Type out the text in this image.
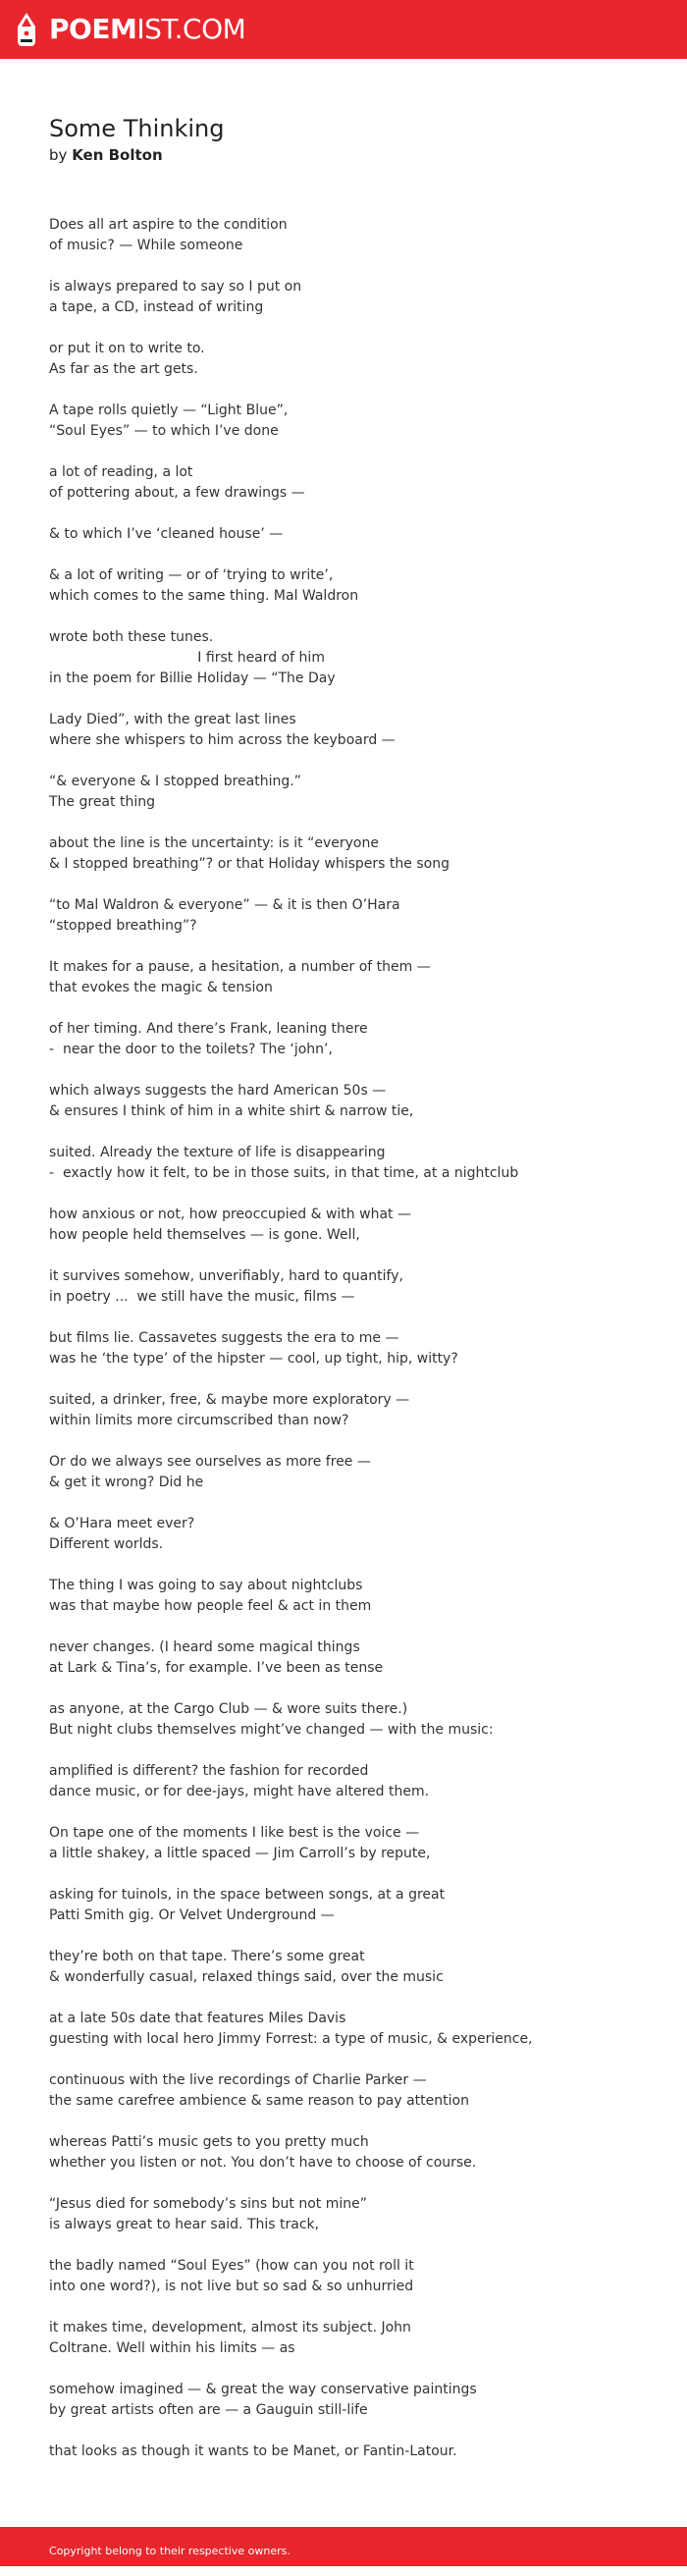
POEMIST.COM
Some Thinking
by Ken Bolton

Does all art aspire to the condition
of music? — While someone

is always prepared to say so I put on
a tape, a CD, instead of writing

or put it on to write to.
As far as the art gets.

A tape rolls quietly — “Light Blue”,
“Soul Eyes” — to which I’ve done

a lot of reading, a lot
of pottering about, a few drawings —

& to which I’ve ‘cleaned house’ —

& a lot of writing — or of ‘trying to write’,
which comes to the same thing. Mal Waldron

wrote both these tunes.
I first heard of him
in the poem for Billie Holiday — “The Day

Lady Died”, with the great last lines
where she whispers to him across the keyboard —

“& everyone & I stopped breathing.”
The great thing

about the line is the uncertainty: is it “everyone
& I stopped breathing”? or that Holiday whispers the song

“to Mal Waldron & everyone” — & it is then O’Hara
“stopped breathing”?

It makes for a pause, a hesitation, a number of them —
that evokes the magic & tension

of her timing. And there’s Frank, leaning there
-  near the door to the toilets? The ‘john’,

which always suggests the hard American 50s —
& ensures I think of him in a white shirt & narrow tie,

suited. Already the texture of life is disappearing
-  exactly how it felt, to be in those suits, in that time, at a nightclub

how anxious or not, how preoccupied & with what —
how people held themselves — is gone. Well,

it survives somehow, unverifiably, hard to quantify,
in poetry ...  we still have the music, films —

but films lie. Cassavetes suggests the era to me —
was he ‘the type’ of the hipster — cool, up tight, hip, witty?

suited, a drinker, free, & maybe more exploratory —
within limits more circumscribed than now?

Or do we always see ourselves as more free —
& get it wrong? Did he

& O’Hara meet ever?
Different worlds.

The thing I was going to say about nightclubs
was that maybe how people feel & act in them

never changes. (I heard some magical things
at Lark & Tina’s, for example. I’ve been as tense

as anyone, at the Cargo Club — & wore suits there.)
But night clubs themselves might’ve changed — with the music:

amplified is different? the fashion for recorded
dance music, or for dee-jays, might have altered them.

On tape one of the moments I like best is the voice —
a little shakey, a little spaced — Jim Carroll’s by repute,

asking for tuinols, in the space between songs, at a great
Patti Smith gig. Or Velvet Underground —

they’re both on that tape. There’s some great
& wonderfully casual, relaxed things said, over the music

at a late 50s date that features Miles Davis
guesting with local hero Jimmy Forrest: a type of music, & experience,

continuous with the live recordings of Charlie Parker —
the same carefree ambience & same reason to pay attention

whereas Patti’s music gets to you pretty much
whether you listen or not. You don’t have to choose of course.

“Jesus died for somebody’s sins but not mine”
is always great to hear said. This track,

the badly named “Soul Eyes” (how can you not roll it
into one word?), is not live but so sad & so unhurried

it makes time, development, almost its subject. John
Coltrane. Well within his limits — as

somehow imagined — & great the way conservative paintings
by great artists often are — a Gauguin still-life

that looks as though it wants to be Manet, or Fantin-Latour.

Copyright belong to their respective owners.
